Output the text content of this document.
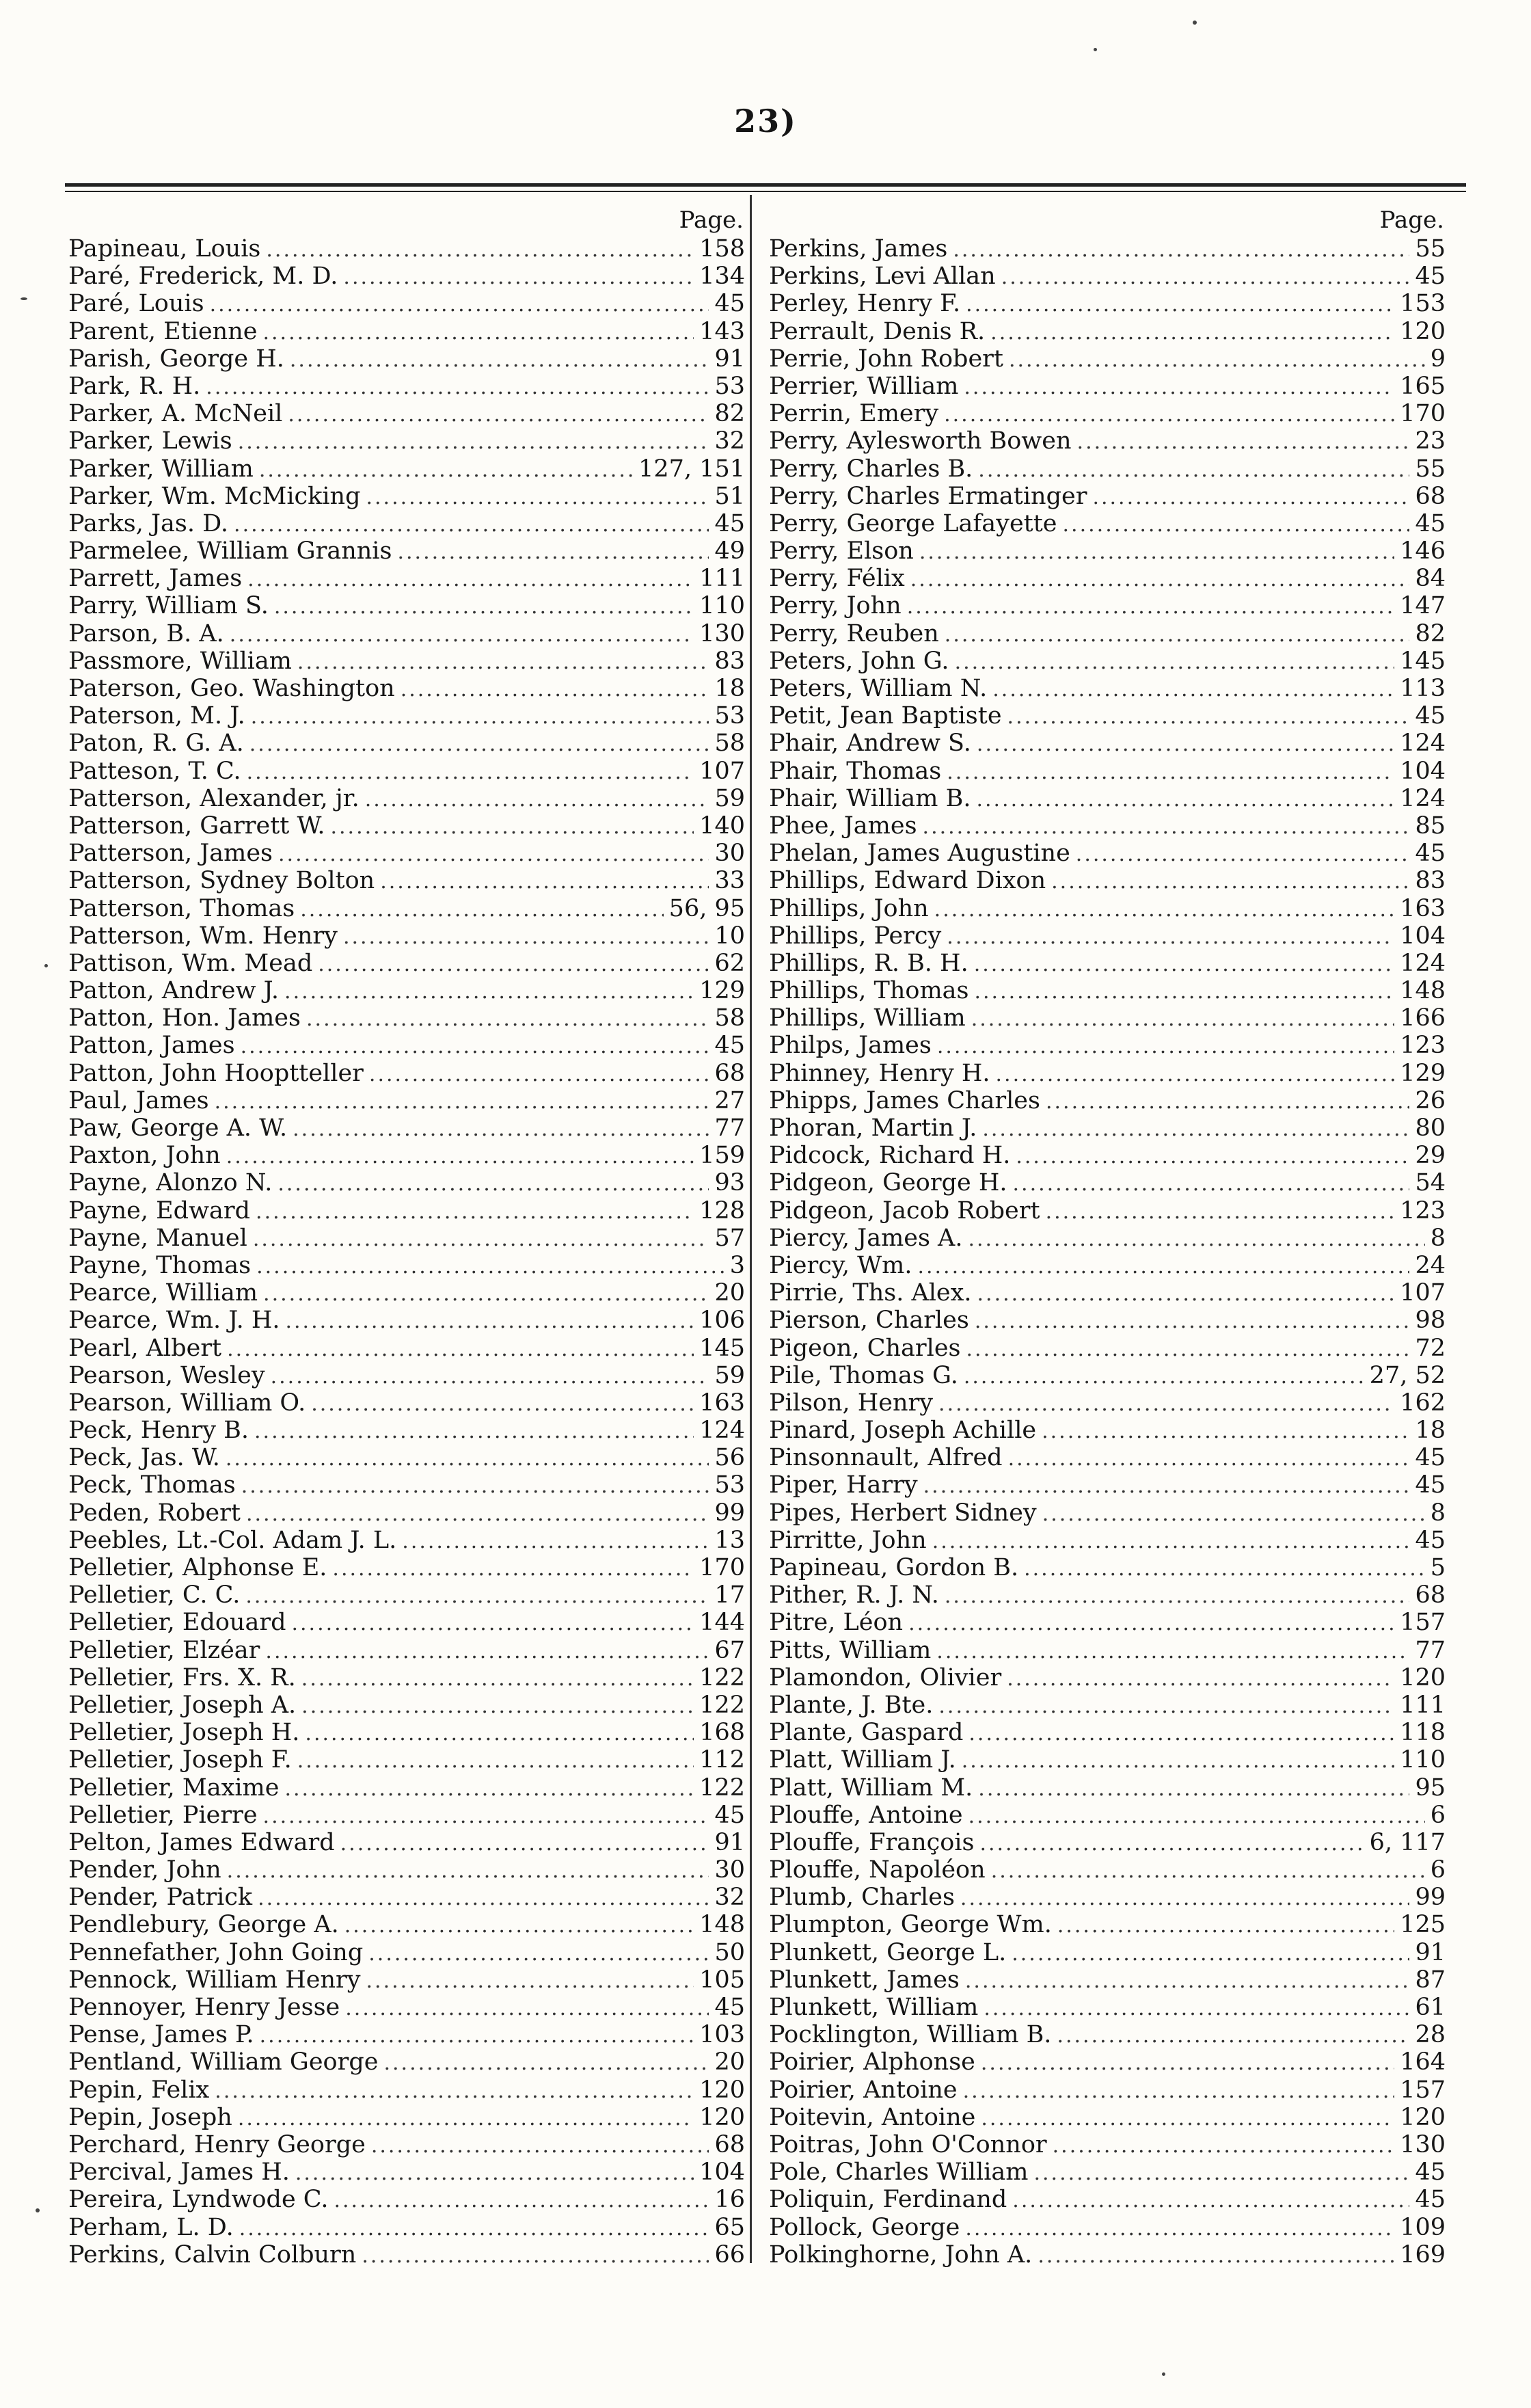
23)
Page.
Papineau, Louis .....	158
Paré, Frederick, M. D. .....	134
Paré, Louis .....	45
Parent, Etienne .....	143
Parish, George H. .....	91
Park, R. H. .....	53
Parker, A. McNeil .....	82
Parker, Lewis .....	32
Parker, William .....	127, 151
Parker, Wm. McMicking .....	51
Parks, Jas. D. .....	45
Parmelee, William Grannis .....	49
Parrett, James .....	111
Parry, William S. .....	110
Parson, B. A. .....	130
Passmore, William .....	83
Paterson, Geo. Washington .....	18
Paterson, M. J. .....	53
Paton, R. G. A. .....	58
Patteson, T. C. .....	107
Patterson, Alexander, jr. .....	59
Patterson, Garrett W. .....	140
Patterson, James .....	30
Patterson, Sydney Bolton .....	33
Patterson, Thomas .....	56, 95
Patterson, Wm. Henry .....	10
Pattison, Wm. Mead .....	62
Patton, Andrew J. .....	129
Patton, Hon. James .....	58
Patton, James .....	45
Patton, John Hooptteller .....	68
Paul, James .....	27
Paw, George A. W. .....	77
Paxton, John .....	159
Payne, Alonzo N. .....	93
Payne, Edward .....	128
Payne, Manuel .....	57
Payne, Thomas .....	3
Pearce, William .....	20
Pearce, Wm. J. H. .....	106
Pearl, Albert .....	145
Pearson, Wesley .....	59
Pearson, William O. .....	163
Peck, Henry B. .....	124
Peck, Jas. W. .....	56
Peck, Thomas .....	53
Peden, Robert .....	99
Peebles, Lt.-Col. Adam J. L. .....	13
Pelletier, Alphonse E. .....	170
Pelletier, C. C. .....	17
Pelletier, Edouard .....	144
Pelletier, Elzéar .....	67
Pelletier, Frs. X. R. .....	122
Pelletier, Joseph A. .....	122
Pelletier, Joseph H. .....	168
Pelletier, Joseph F. .....	112
Pelletier, Maxime .....	122
Pelletier, Pierre .....	45
Pelton, James Edward .....	91
Pender, John .....	30
Pender, Patrick .....	32
Pendlebury, George A. .....	148
Pennefather, John Going .....	50
Pennock, William Henry .....	105
Pennoyer, Henry Jesse .....	45
Pense, James P. .....	103
Pentland, William George .....	20
Pepin, Felix .....	120
Pepin, Joseph .....	120
Perchard, Henry George .....	68
Percival, James H. .....	104
Pereira, Lyndwode C. .....	16
Perham, L. D. .....	65
Perkins, Calvin Colburn .....	66
Page.
Perkins, James .....	55
Perkins, Levi Allan .....	45
Perley, Henry F. .....	153
Perrault, Denis R. .....	120
Perrie, John Robert .....	9
Perrier, William .....	165
Perrin, Emery .....	170
Perry, Aylesworth Bowen .....	23
Perry, Charles B. .....	55
Perry, Charles Ermatinger .....	68
Perry, George Lafayette .....	45
Perry, Elson .....	146
Perry, Félix .....	84
Perry, John .....	147
Perry, Reuben .....	82
Peters, John G. .....	145
Peters, William N. .....	113
Petit, Jean Baptiste .....	45
Phair, Andrew S. .....	124
Phair, Thomas .....	104
Phair, William B. .....	124
Phee, James .....	85
Phelan, James Augustine .....	45
Phillips, Edward Dixon .....	83
Phillips, John .....	163
Phillips, Percy .....	104
Phillips, R. B. H. .....	124
Phillips, Thomas .....	148
Phillips, William .....	166
Philps, James .....	123
Phinney, Henry H. .....	129
Phipps, James Charles .....	26
Phoran, Martin J. .....	80
Pidcock, Richard H. .....	29
Pidgeon, George H. .....	54
Pidgeon, Jacob Robert .....	123
Piercy, James A. .....	8
Piercy, Wm. .....	24
Pirrie, Ths. Alex. .....	107
Pierson, Charles .....	98
Pigeon, Charles .....	72
Pile, Thomas G. .....	27, 52
Pilson, Henry .....	162
Pinard, Joseph Achille .....	18
Pinsonnault, Alfred .....	45
Piper, Harry .....	45
Pipes, Herbert Sidney .....	8
Pirritte, John .....	45
Papineau, Gordon B. .....	5
Pither, R. J. N. .....	68
Pitre, Léon .....	157
Pitts, William .....	77
Plamondon, Olivier .....	120
Plante, J. Bte. .....	111
Plante, Gaspard .....	118
Platt, William J. .....	110
Platt, William M. .....	95
Plouffe, Antoine .....	6
Plouffe, François .....	6, 117
Plouffe, Napoléon .....	6
Plumb, Charles .....	99
Plumpton, George Wm. .....	125
Plunkett, George L. .....	91
Plunkett, James .....	87
Plunkett, William .....	61
Pocklington, William B. .....	28
Poirier, Alphonse .....	164
Poirier, Antoine .....	157
Poitevin, Antoine .....	120
Poitras, John O'Connor .....	130
Pole, Charles William .....	45
Poliquin, Ferdinand .....	45
Pollock, George .....	109
Polkinghorne, John A. .....	169
